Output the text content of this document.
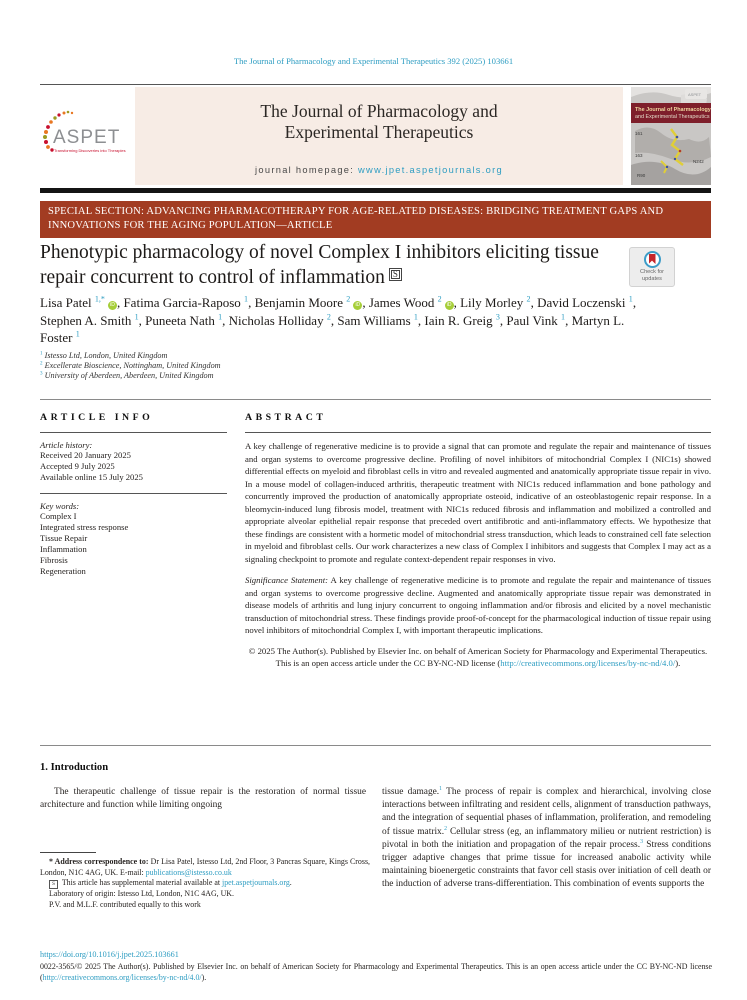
The Journal of Pharmacology and Experimental Therapeutics 392 (2025) 103661
ASPET
Transforming Discoveries into Therapies
The Journal of Pharmacology and
Experimental Therapeutics
journal homepage: www.jpet.aspetjournals.org
ASPET
The Journal of Pharmacology
and Experimental Therapeutics
161
163
R90
N242
SPECIAL SECTION: ADVANCING PHARMACOTHERAPY FOR AGE-RELATED DISEASES: BRIDGING TREATMENT GAPS AND INNOVATIONS FOR THE AGING POPULATION—ARTICLE
Phenotypic pharmacology of novel Complex I inhibitors eliciting tissue repair concurrent to control of inflammation S	Check for
updates
Lisa Patel $^{1,*}$iD , Fatima Garcia-Raposo $^1$, Benjamin Moore $^2$iD , James Wood $^2$iD , Lily Morley $^2$, David Loczenski $^1$, Stephen A. Smith $^1$, Puneeta Nath $^1$, Nicholas Holliday $^2$, Sam Williams $^1$, Iain R. Greig $^3$, Paul Vink $^1$, Martyn L. Foster $^1$
$^1$ Istesso Ltd, London, United Kingdom
$^2$ Excellerate Bioscience, Nottingham, United Kingdom
$^3$ University of Aberdeen, Aberdeen, United Kingdom
ARTICLE INFO
Article history:
Received 20 January 2025
Accepted 9 July 2025
Available online 15 July 2025
Key words:
Complex I
Integrated stress response
Tissue Repair
Inflammation
Fibrosis
Regeneration
ABSTRACT
A key challenge of regenerative medicine is to provide a signal that can promote and regulate the repair and maintenance of tissues and organ systems to overcome progressive decline. Profiling of novel inhibitors of mitochondrial Complex I (NIC1s) showed differential effects on myeloid and fibroblast cells in vitro and revealed augmented and anatomically appropriate tissue repair in vivo. In a mouse model of collagen-induced arthritis, therapeutic treatment with NIC1s reduced inflammation and bone pathology and concurrently improved the production of anatomically appropriate osteoid, indicative of an osteoblastogenic repair response. In a bleomycin-induced lung fibrosis model, treatment with NIC1s reduced fibrosis and inflammation and mobilized a controlled and appropriate alveolar epithelial repair response that preceded overt antifibrotic and anti-inflammatory effects. We hypothesize that these findings are consistent with a hormetic model of mitochondrial stress transduction, which leads to constrained cell fate selection in myeloid and fibroblast cells. Our work characterizes a new class of Complex I inhibitors and suggests that Complex I may act as a signaling checkpoint to promote and regulate context-dependent repair responses in vivo.
Significance Statement: A key challenge of regenerative medicine is to promote and regulate the repair and maintenance of tissues and organ systems to overcome progressive decline. Augmented and anatomically appropriate tissue repair was demonstrated in disease models of arthritis and lung injury concurrent to ongoing inflammation and/or fibrosis and elicited by a novel mechanistic transduction of mitochondrial stress. These findings provide proof-of-concept for the pharmacological induction of tissue repair using novel inhibitors of mitochondrial Complex I, with important therapeutic implications.
© 2025 The Author(s). Published by Elsevier Inc. on behalf of American Society for Pharmacology and Experimental Therapeutics. This is an open access article under the CC BY-NC-ND license (http://creativecommons.org/licenses/by-nc-nd/4.0/).
1. Introduction
The therapeutic challenge of tissue repair is the restoration of normal tissue architecture and function while limiting ongoing
tissue damage.$^1$ The process of repair is complex and hierarchical, involving close interactions between infiltrating and resident cells, alignment of transduction pathways, and the integration of sequential phases of inflammation, proliferation, and remodeling of tissue matrix.$^2$ Cellular stress (eg, an inflammatory milieu or nutrient restriction) is pivotal in both the initiation and propagation of the repair process.$^3$ Stress conditions trigger adaptive changes that prime tissue for increased anabolic activity while maintaining bioenergetic constraints that favor cell stasis over initiation of cell death or the induction of adverse trans-differentiation. This combination of events supports the
* Address correspondence to: Dr Lisa Patel, Istesso Ltd, 2nd Floor, 3 Pancras Square, Kings Cross, London, N1C 4AG, UK. E-mail: publications@istesso.co.uk
S This article has supplemental material available at jpet.aspetjournals.org.
Laboratory of origin: Istesso Ltd, London, N1C 4AG, UK.
P.V. and M.L.F. contributed equally to this work
https://doi.org/10.1016/j.jpet.2025.103661
0022-3565/© 2025 The Author(s). Published by Elsevier Inc. on behalf of American Society for Pharmacology and Experimental Therapeutics. This is an open access article under the CC BY-NC-ND license (http://creativecommons.org/licenses/by-nc-nd/4.0/).
